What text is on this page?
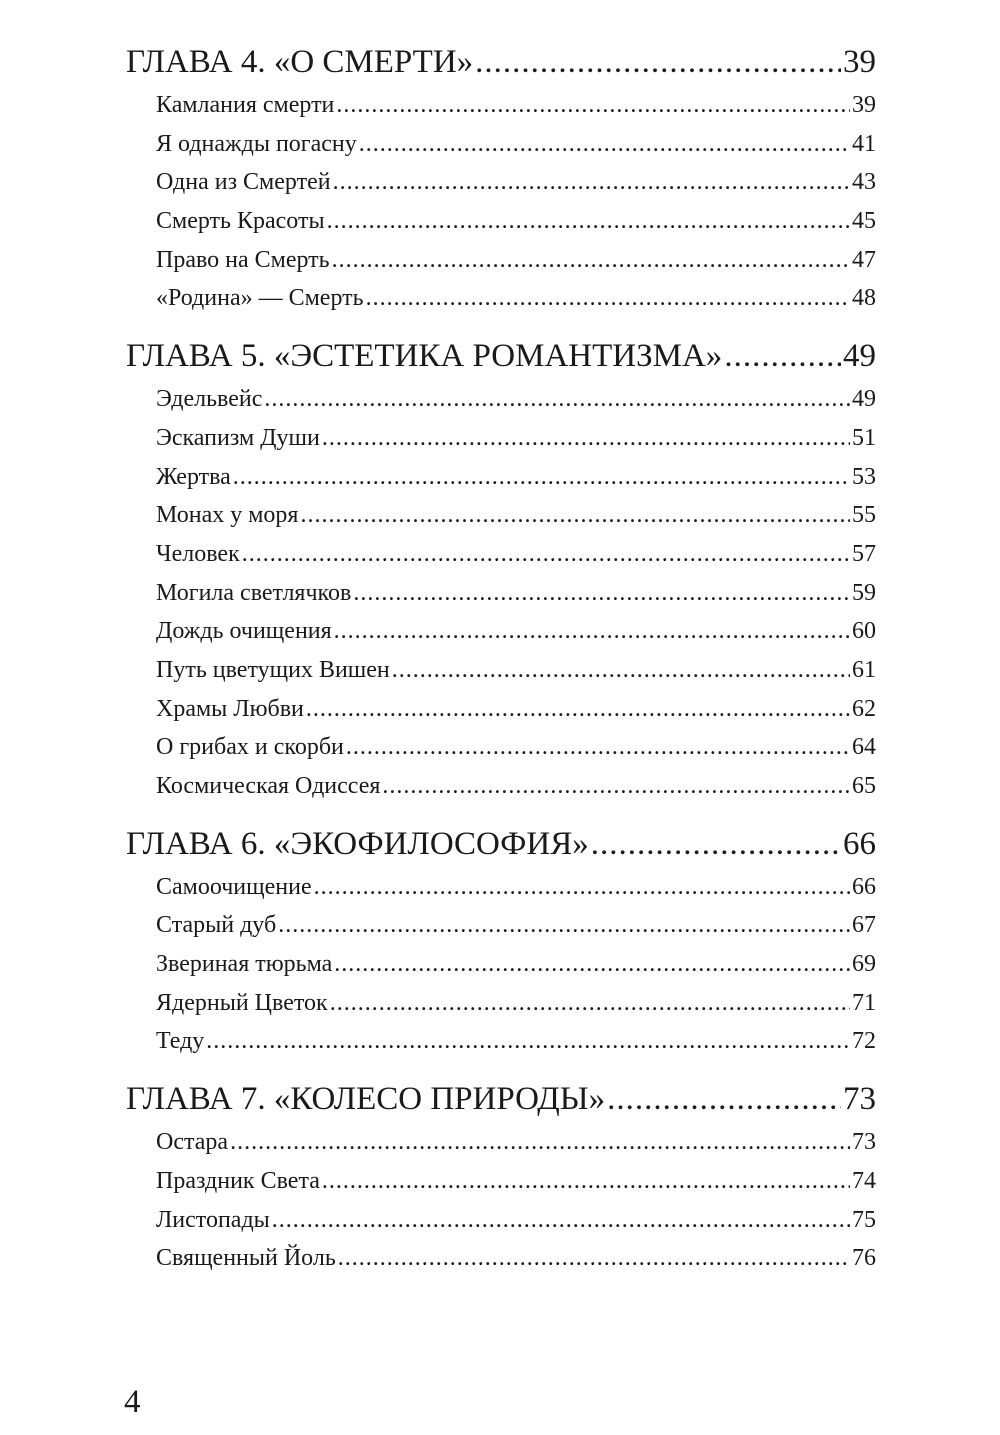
ГЛАВА 4. «О СМЕРТИ» .....	39
Камлания смерти .....	39
Я однажды погасну .....	41
Одна из Смертей .....	43
Смерть Красоты .....	45
Право на Смерть .....	47
«Родина» — Смерть .....	48
ГЛАВА 5. «ЭСТЕТИКА РОМАНТИЗМА» .....	49
Эдельвейс .....	49
Эскапизм Души .....	51
Жертва .....	53
Монах у моря .....	55
Человек .....	57
Могила светлячков .....	59
Дождь очищения .....	60
Путь цветущих Вишен .....	61
Храмы Любви .....	62
О грибах и скорби .....	64
Космическая Одиссея .....	65
ГЛАВА 6. «ЭКОФИЛОСОФИЯ» .....	66
Самоочищение .....	66
Старый дуб .....	67
Звериная тюрьма .....	69
Ядерный Цветок .....	71
Теду .....	72
ГЛАВА 7. «КОЛЕСО ПРИРОДЫ» .....	73
Остара .....	73
Праздник Света .....	74
Листопады .....	75
Священный Йоль .....	76
4
